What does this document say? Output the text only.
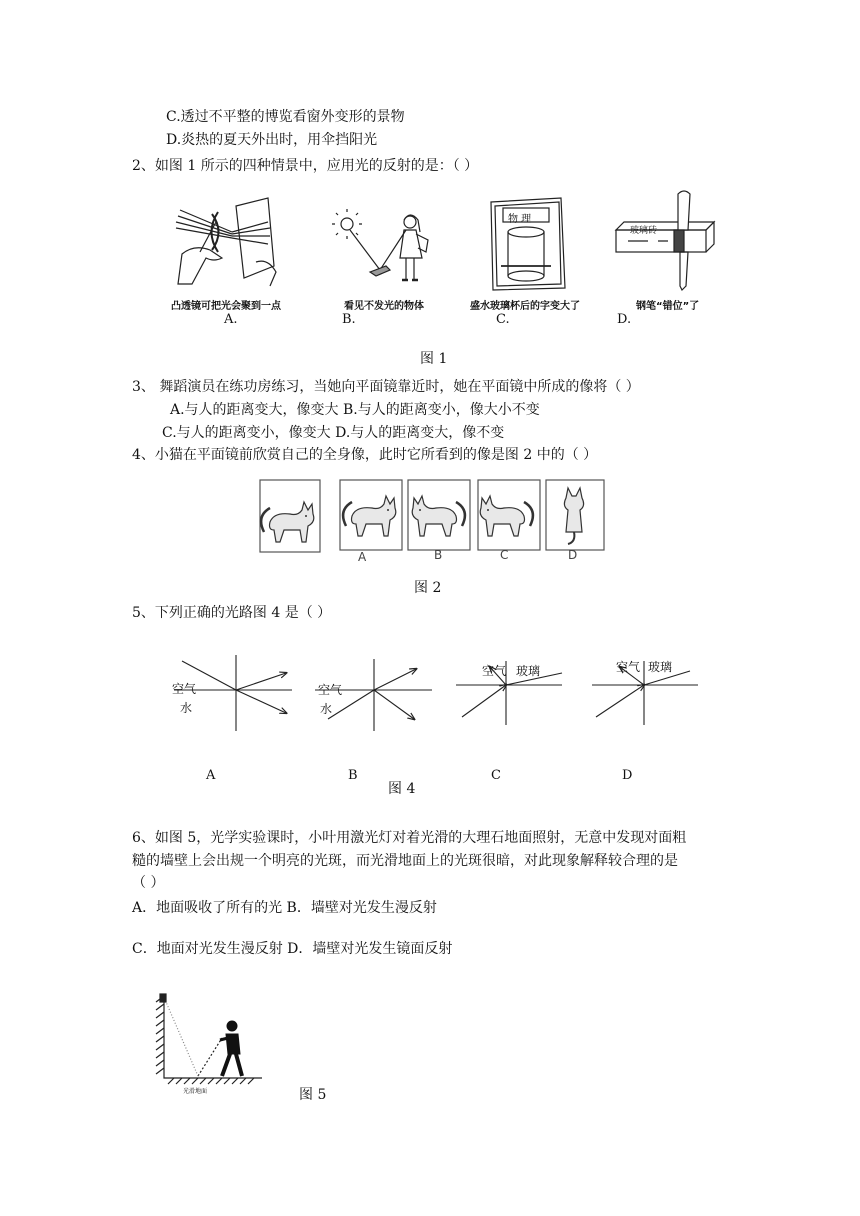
C.透过不平整的博览看窗外变形的景物
D.炎热的夏天外出时，用伞挡阳光
2、如图 1 所示的四种情景中，应用光的反射的是：（ ）
凸透镜可把光会聚到一点
A.
看见不发光的物体
B.
物 理
盛水玻璃杯后的字变大了
C.
玻璃砖
钢笔“错位”了
D.
图 1
3、 舞蹈演员在练功房练习，当她向平面镜靠近时，她在平面镜中所成的像将（ ）
A.与人的距离变大，像变大 B.与人的距离变小，像大小不变
C.与人的距离变小，像变大 D.与人的距离变大，像不变
4、小猫在平面镜前欣赏自己的全身像，此时它所看到的像是图 2 中的（ ）
A	B	C	D
图 2
5、下列正确的光路图 4 是（ ）
空气
水
空气
水
空气 玻璃	空气 玻璃
A	B	C	D
图 4
6、如图 5，光学实验课时，小叶用激光灯对着光滑的大理石地面照射，无意中发现对面粗
糙的墙壁上会出规一个明亮的光斑，而光滑地面上的光斑很暗，对此现象解释较合理的是
（ ）
A．地面吸收了所有的光 B．墙壁对光发生漫反射
C．地面对光发生漫反射 D．墙壁对光发生镜面反射
光滑地面	图 5
